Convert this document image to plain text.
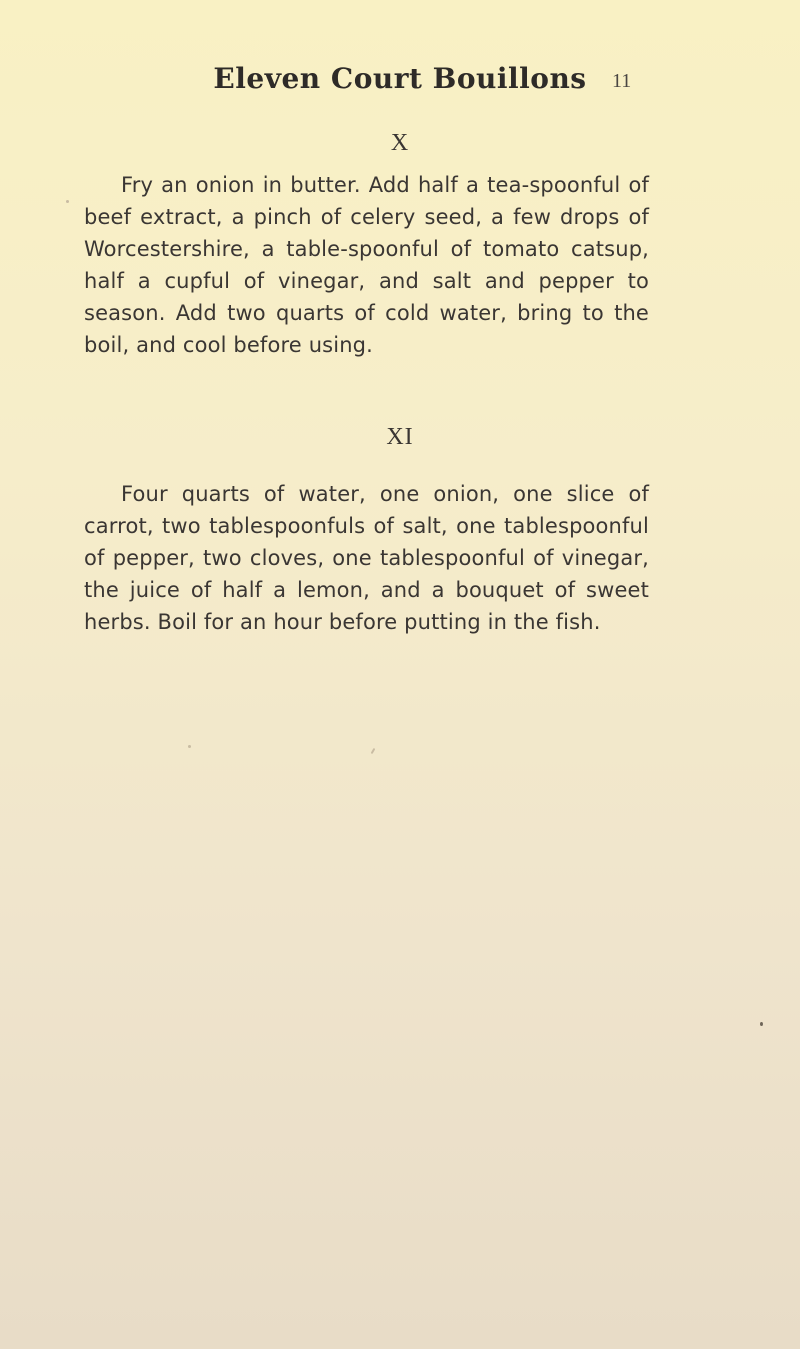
Eleven Court Bouillons	11
X

Fry an onion in butter. Add half a tea-spoonful of beef extract, a pinch of celery seed, a few drops of Worcestershire, a table-spoonful of tomato catsup, half a cupful of vinegar, and salt and pepper to season. Add two quarts of cold water, bring to the boil, and cool before using.

XI

Four quarts of water, one onion, one slice of carrot, two tablespoonfuls of salt, one tablespoonful of pepper, two cloves, one tablespoonful of vinegar, the juice of half a lemon, and a bouquet of sweet herbs. Boil for an hour before putting in the fish.
